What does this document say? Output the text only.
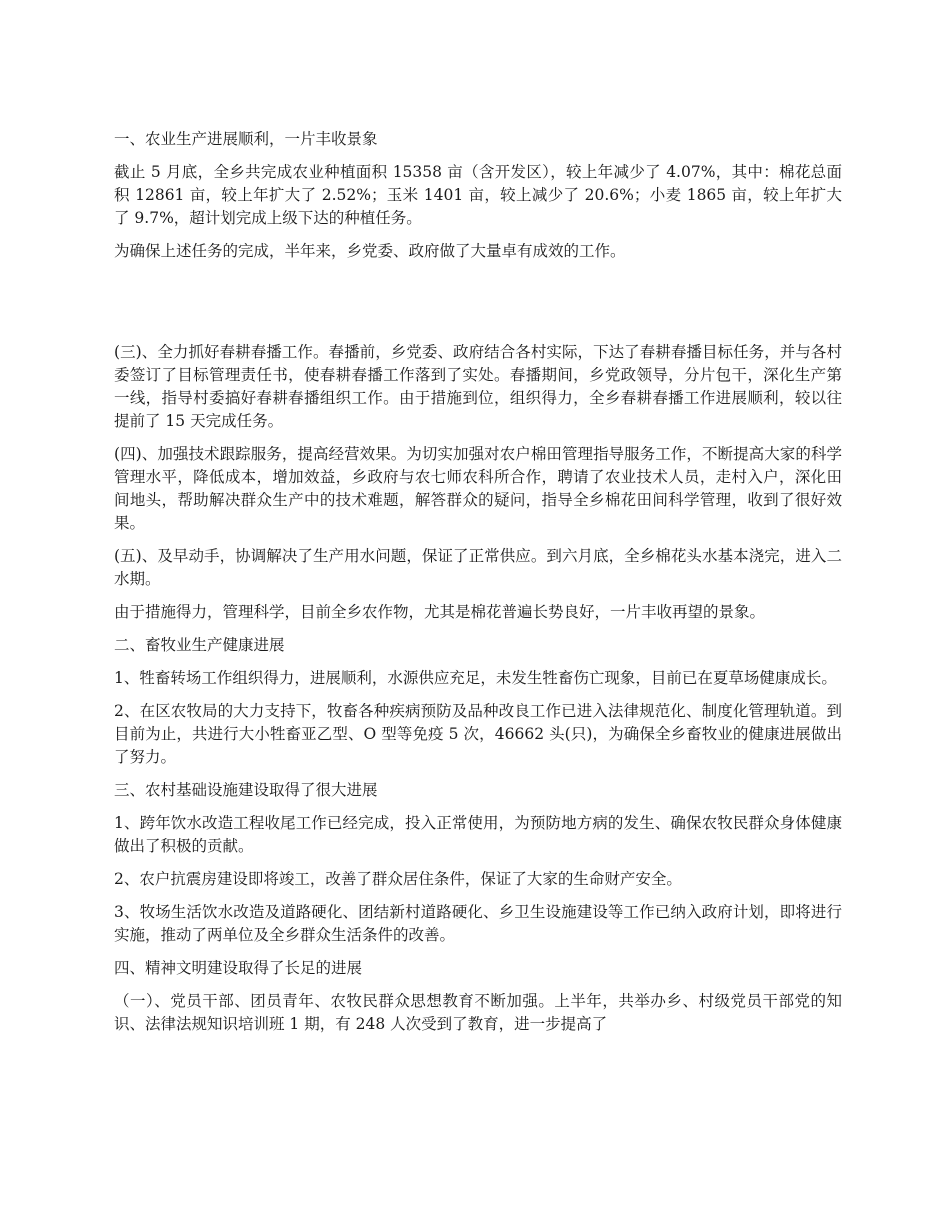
一、农业生产进展顺利，一片丰收景象
截止 5 月底，全乡共完成农业种植面积 15358 亩（含开发区），较上年减少了 4.07%，其中：棉花总面积 12861 亩，较上年扩大了 2.52%；玉米 1401 亩，较上减少了 20.6%；小麦 1865 亩，较上年扩大了 9.7%，超计划完成上级下达的种植任务。
为确保上述任务的完成，半年来，乡党委、政府做了大量卓有成效的工作。
(三)、全力抓好春耕春播工作。春播前，乡党委、政府结合各村实际，下达了春耕春播目标任务，并与各村委签订了目标管理责任书，使春耕春播工作落到了实处。春播期间，乡党政领导，分片包干，深化生产第一线，指导村委搞好春耕春播组织工作。由于措施到位，组织得力，全乡春耕春播工作进展顺利，较以往提前了 15 天完成任务。
(四)、加强技术跟踪服务，提高经营效果。为切实加强对农户棉田管理指导服务工作，不断提高大家的科学管理水平，降低成本，增加效益，乡政府与农七师农科所合作，聘请了农业技术人员，走村入户，深化田间地头，帮助解决群众生产中的技术难题，解答群众的疑问，指导全乡棉花田间科学管理，收到了很好效果。
(五)、及早动手，协调解决了生产用水问题，保证了正常供应。到六月底，全乡棉花头水基本浇完，进入二水期。
由于措施得力，管理科学，目前全乡农作物，尤其是棉花普遍长势良好，一片丰收再望的景象。
二、畜牧业生产健康进展
1、牲畜转场工作组织得力，进展顺利，水源供应充足，未发生牲畜伤亡现象，目前已在夏草场健康成长。
2、在区农牧局的大力支持下，牧畜各种疾病预防及品种改良工作已进入法律规范化、制度化管理轨道。到目前为止，共进行大小牲畜亚乙型、O 型等免疫 5 次，46662 头(只)，为确保全乡畜牧业的健康进展做出了努力。
三、农村基础设施建设取得了很大进展
1、跨年饮水改造工程收尾工作已经完成，投入正常使用，为预防地方病的发生、确保农牧民群众身体健康做出了积极的贡献。
2、农户抗震房建设即将竣工，改善了群众居住条件，保证了大家的生命财产安全。
3、牧场生活饮水改造及道路硬化、团结新村道路硬化、乡卫生设施建设等工作已纳入政府计划，即将进行实施，推动了两单位及全乡群众生活条件的改善。
四、精神文明建设取得了长足的进展
（一）、党员干部、团员青年、农牧民群众思想教育不断加强。上半年，共举办乡、村级党员干部党的知识、法律法规知识培训班 1 期，有 248 人次受到了教育，进一步提高了
